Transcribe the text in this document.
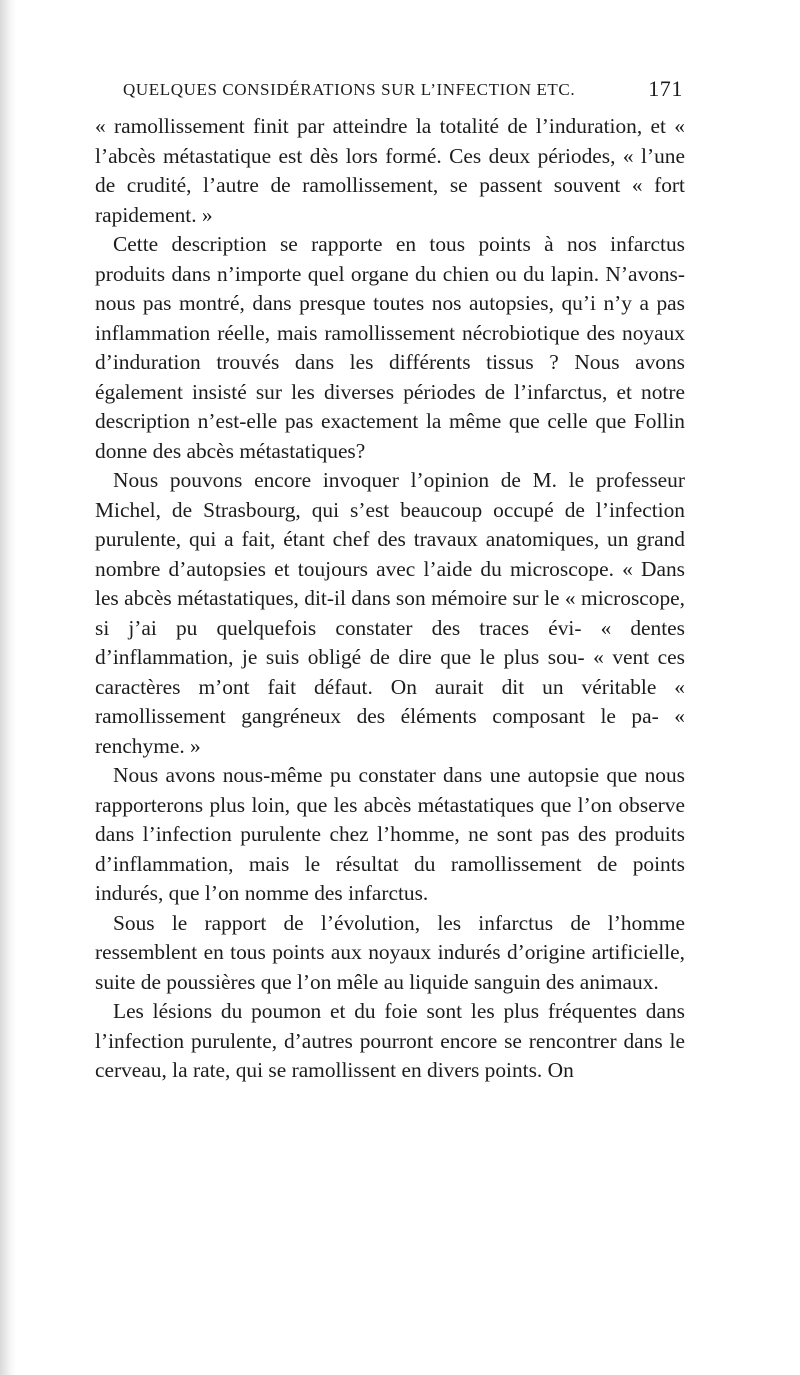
QUELQUES CONSIDÉRATIONS SUR L’INFECTION ETC.	171

« ramollissement finit par atteindre la totalité de l’induration, et « l’abcès métastatique est dès lors formé. Ces deux périodes, « l’une de crudité, l’autre de ramollissement, se passent souvent « fort rapidement. »

Cette description se rapporte en tous points à nos infarctus produits dans n’importe quel organe du chien ou du lapin. N’avons-nous pas montré, dans presque toutes nos autopsies, qu’i n’y a pas inflammation réelle, mais ramollissement nécrobiotique des noyaux d’induration trouvés dans les différents tissus ? Nous avons également insisté sur les diverses périodes de l’infarctus, et notre description n’est-elle pas exactement la même que celle que Follin donne des abcès métastatiques?

Nous pouvons encore invoquer l’opinion de M. le professeur Michel, de Strasbourg, qui s’est beaucoup occupé de l’infection purulente, qui a fait, étant chef des travaux anatomiques, un grand nombre d’autopsies et toujours avec l’aide du microscope. « Dans les abcès métastatiques, dit-il dans son mémoire sur le « microscope, si j’ai pu quelquefois constater des traces évi- « dentes d’inflammation, je suis obligé de dire que le plus sou- « vent ces caractères m’ont fait défaut. On aurait dit un véritable « ramollissement gangréneux des éléments composant le pa- « renchyme. »

Nous avons nous-même pu constater dans une autopsie que nous rapporterons plus loin, que les abcès métastatiques que l’on observe dans l’infection purulente chez l’homme, ne sont pas des produits d’inflammation, mais le résultat du ramollissement de points indurés, que l’on nomme des infarctus.

Sous le rapport de l’évolution, les infarctus de l’homme ressemblent en tous points aux noyaux indurés d’origine artificielle, suite de poussières que l’on mêle au liquide sanguin des animaux.

Les lésions du poumon et du foie sont les plus fréquentes dans l’infection purulente, d’autres pourront encore se rencontrer dans le cerveau, la rate, qui se ramollissent en divers points. On
